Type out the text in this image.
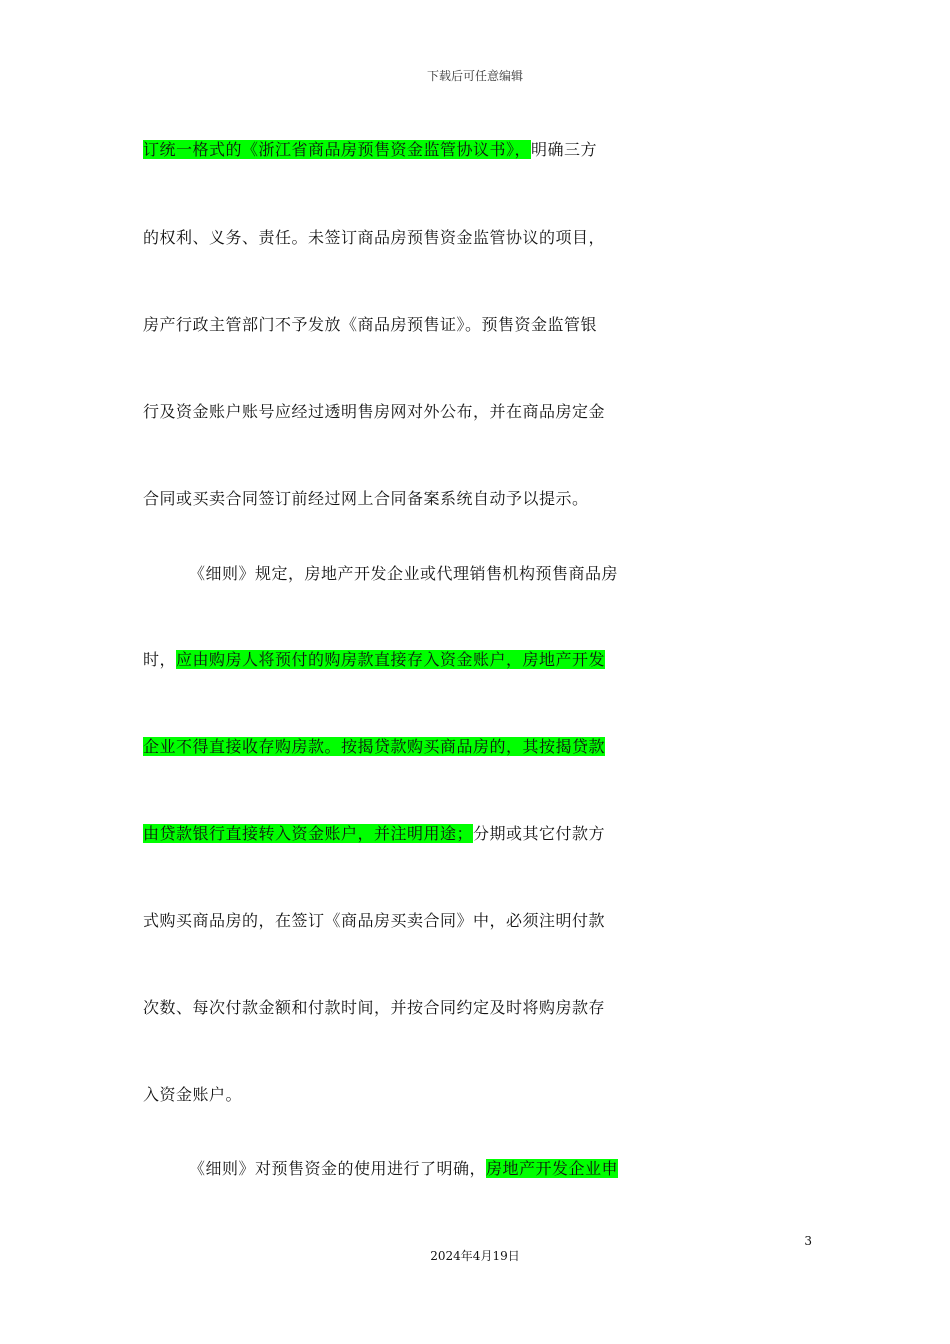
下载后可任意编辑
订统一格式的《浙江省商品房预售资金监管协议书》，明确三方
的权利、义务、责任。未签订商品房预售资金监管协议的项目，
房产行政主管部门不予发放《商品房预售证》。预售资金监管银
行及资金账户账号应经过透明售房网对外公布，并在商品房定金
合同或买卖合同签订前经过网上合同备案系统自动予以提示。
《细则》规定，房地产开发企业或代理销售机构预售商品房
时，应由购房人将预付的购房款直接存入资金账户，房地产开发
企业不得直接收存购房款。按揭贷款购买商品房的，其按揭贷款
由贷款银行直接转入资金账户，并注明用途；分期或其它付款方
式购买商品房的，在签订《商品房买卖合同》中，必须注明付款
次数、每次付款金额和付款时间，并按合同约定及时将购房款存
入资金账户。
《细则》对预售资金的使用进行了明确，房地产开发企业申
3
2024年4月19日
